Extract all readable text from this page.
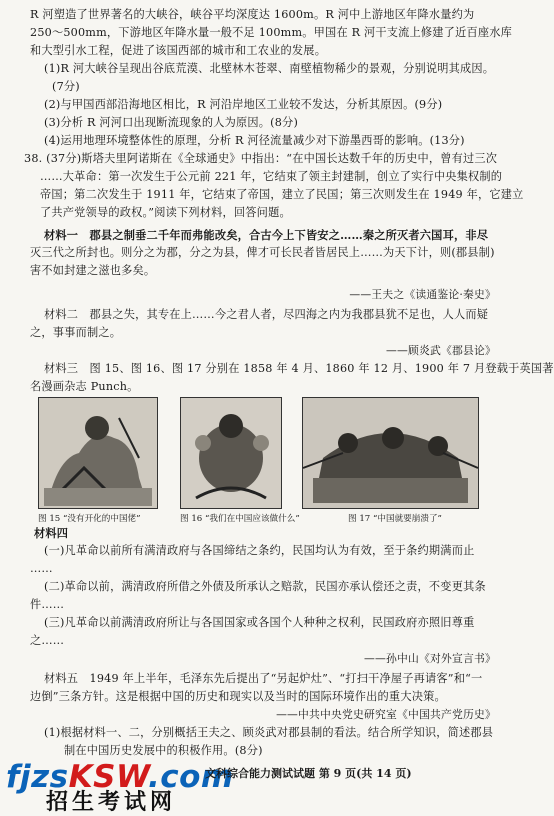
R 河塑造了世界著名的大峡谷，峡谷平均深度达 1600m。R 河中上游地区年降水量约为
250～500mm，下游地区年降水量一般不足 100mm。甲国在 R 河干支流上修建了近百座水库
和大型引水工程，促进了该国西部的城市和工农业的发展。
(1)R 河大峡谷呈现出谷底荒漠、北壁林木苍翠、南壁植物稀少的景观，分别说明其成因。
(7分)
(2)与甲国西部沿海地区相比，R 河沿岸地区工业较不发达，分析其原因。(9分)
(3)分析 R 河河口出现断流现象的人为原因。(8分)
(4)运用地理环境整体性的原理，分析 R 河径流量减少对下游墨西哥的影响。(13分)
38. (37分)斯塔夫里阿诺斯在《全球通史》中指出：“在中国长达数千年的历史中，曾有过三次
……大革命：第一次发生于公元前 221 年，它结束了领主封建制，创立了实行中央集权制的
帝国；第二次发生于 1911 年，它结束了帝国，建立了民国；第三次则发生在 1949 年，它建立
了共产党领导的政权。”阅读下列材料，回答问题。
材料一　郡县之制垂二千年而弗能改矣，合古今上下皆安之……秦之所灭者六国耳，非尽
灭三代之所封也。则分之为郡，分之为县，俾才可长民者皆居民上……为天下计，则(郡县制)
害不如封建之滋也多矣。
——王夫之《读通鉴论·秦史》
材料二　郡县之失，其专在上……今之君人者，尽四海之内为我郡县犹不足也，人人而疑
之，事事而制之。
——顾炎武《郡县论》
材料三　图 15、图 16、图 17 分别在 1858 年 4 月、1860 年 12 月、1900 年 7 月登载于英国著
名漫画杂志 Punch。
图 15 “没有开化的中国佬”	图 16 “我们在中国应该做什么”	图 17 “中国就要崩溃了”
材料四
(一)凡革命以前所有满清政府与各国缔结之条约，民国均认为有效，至于条约期满而止
……
(二)革命以前，满清政府所借之外债及所承认之赔款，民国亦承认偿还之责，不变更其条
件……
(三)凡革命以前满清政府所让与各国国家或各国个人种种之权利，民国政府亦照旧尊重
之……
——孙中山《对外宣言书》
材料五　1949 年上半年，毛泽东先后提出了“另起炉灶”、“打扫干净屋子再请客”和“一
边倒”三条方针。这是根据中国的历史和现实以及当时的国际环境作出的重大决策。
——中共中央党史研究室《中国共产党历史》
(1)根据材料一、二，分别概括王夫之、顾炎武对郡县制的看法。结合所学知识，简述郡县
制在中国历史发展中的积极作用。(8分)
fjzsKSW.com
招生考试网
文科综合能力测试试题 第 9 页(共 14 页)
